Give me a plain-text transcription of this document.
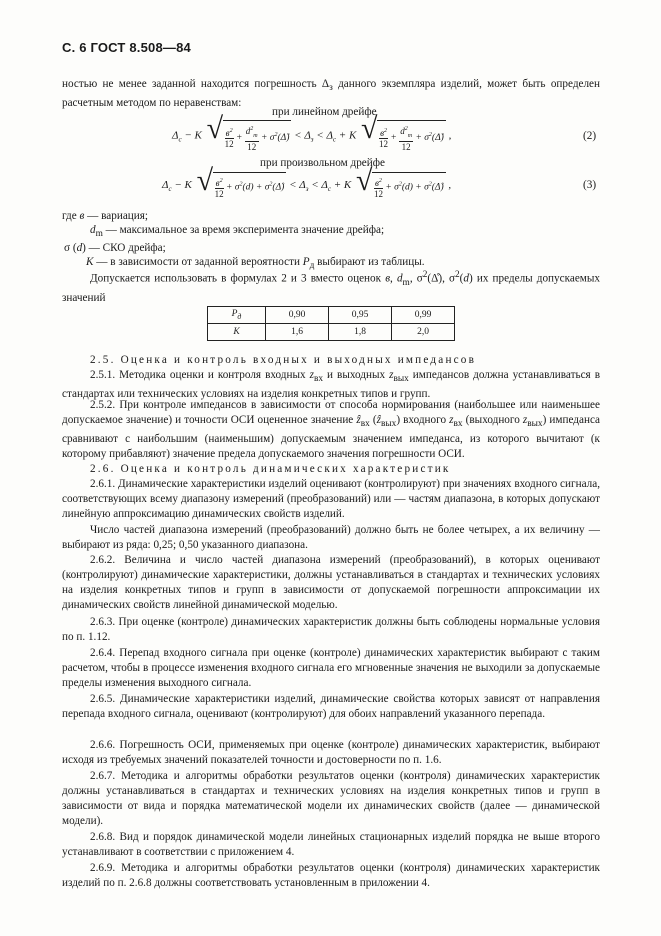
С. 6 ГОСТ 8.508—84

ностью не менее заданной находится погрешность $\Delta_з$ данного экземпляра изделий, может быть определен расчетным методом по неравенствам:

при линейном дрейфе
$\Delta_с - K$ √ $\frac{в^2}{12} + \frac{d^2_m}{12}$ + $\sigma^2(\Deltå) < \Delta_з < \Delta_с + K$ √ $\frac{в^2}{12} + \frac{d^2_m}{12}$ + $\sigma^2(\Deltå)$ ,	(2)
при произвольном дрейфе
$\Delta_с - K$ √ $\frac{в^2}{12} + \sigma^2(d)$ + $\sigma^2(\Deltå) < \Delta_з < \Delta_с + K$ √ $\frac{в^2}{12} + \sigma^2(d)$ + $\sigma^2(\Deltå)$ ,	(3)
где в — вариация;
$d_m$ — максимальное за время эксперимента значение дрейфа;
σ (d) — СКО дрейфа;
K — в зависимости от заданной вероятности $Р_д$ выбирают из таблицы.

Допускается использовать в формулах 2 и 3 вместо оценок в, $d_m$, $\sigma^2(\Deltå)$, $\sigma^2(d)$ их пределы допускаемых значений

$Р_д$	0,90	0,95	0,99
K	1,6	1,8	2,0

2.5. Оценка и контроль входных и выходных импедансов

2.5.1. Методика оценки и контроля входных $z_{вх}$ и выходных $z_{вых}$ импедансов должна устанавливаться в стандартах или технических условиях на изделия конкретных типов и групп.

2.5.2. При контроле импедансов в зависимости от способа нормирования (наибольшее или наименьшее допускаемое значение) и точности ОСИ оцененное значение ẑ$_{вх}$ (ẑ$_{вых}$) входного $z_{вх}$ (выходного $z_{вых}$) импеданса сравнивают с наибольшим (наименьшим) допускаемым значением импеданса, из которого вычитают (к которому прибавляют) значение предела допускаемого значения погрешности ОСИ.

2.6. Оценка и контроль динамических характеристик

2.6.1. Динамические характеристики изделий оценивают (контролируют) при значениях входного сигнала, соответствующих всему диапазону измерений (преобразований) или — частям диапазона, в которых допускают линейную аппроксимацию динамических свойств изделий.

Число частей диапазона измерений (преобразований) должно быть не более четырех, а их величину — выбирают из ряда: 0,25; 0,50 указанного диапазона.

2.6.2. Величина и число частей диапазона измерений (преобразований), в которых оценивают (контролируют) динамические характеристики, должны устанавливаться в стандартах и технических условиях на изделия конкретных типов и групп в зависимости от допускаемой погрешности аппроксимации их динамических свойств линейной динамической моделью.

2.6.3. При оценке (контроле) динамических характеристик должны быть соблюдены нормальные условия по п. 1.12.

2.6.4. Перепад входного сигнала при оценке (контроле) динамических характеристик выбирают с таким расчетом, чтобы в процессе изменения входного сигнала его мгновенные значения не выходили за допускаемые пределы изменения выходного сигнала.

2.6.5. Динамические характеристики изделий, динамические свойства которых зависят от направления перепада входного сигнала, оценивают (контролируют) для обоих направлений указанного перепада.

2.6.6. Погрешность ОСИ, применяемых при оценке (контроле) динамических характеристик, выбирают исходя из требуемых значений показателей точности и достоверности по п. 1.6.

2.6.7. Методика и алгоритмы обработки результатов оценки (контроля) динамических характеристик должны устанавливаться в стандартах и технических условиях на изделия конкретных типов и групп в зависимости от вида и порядка математической модели их динамических свойств (далее — динамической модели).

2.6.8. Вид и порядок динамической модели линейных стационарных изделий порядка не выше второго устанавливают в соответствии с приложением 4.

2.6.9. Методика и алгоритмы обработки результатов оценки (контроля) динамических характеристик изделий по п. 2.6.8 должны соответствовать установленным в приложении 4.
